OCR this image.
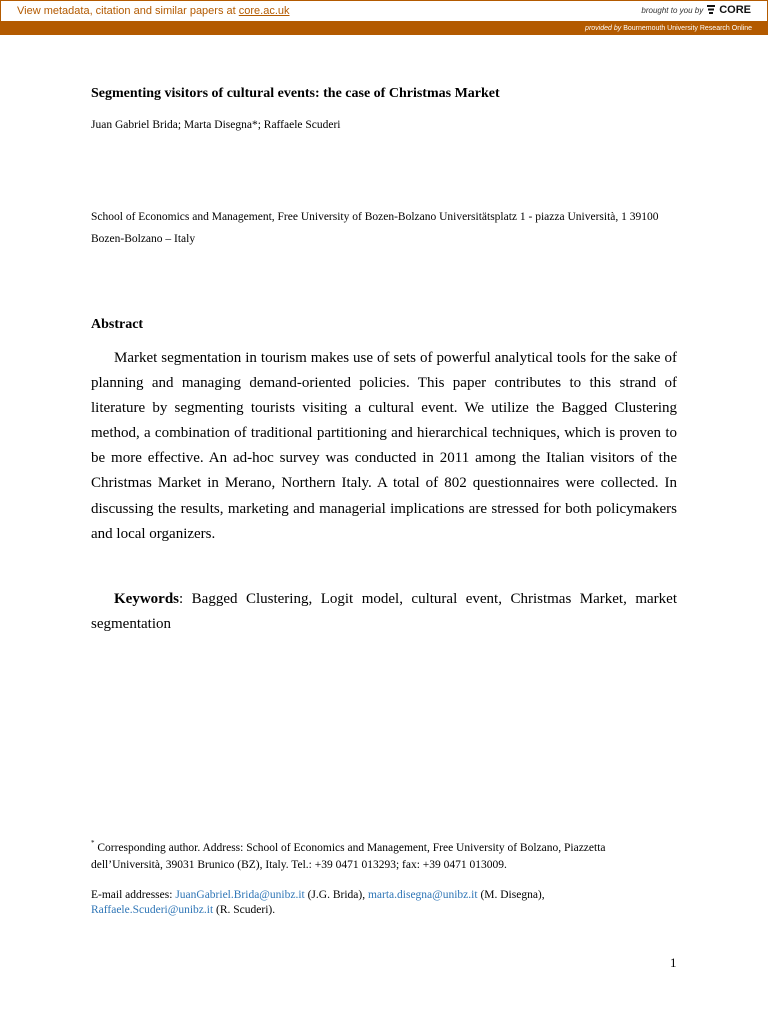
View metadata, citation and similar papers at core.ac.uk	brought to you by CORE
provided by Bournemouth University Research Online
Segmenting visitors of cultural events: the case of Christmas Market
Juan Gabriel Brida; Marta Disegna*; Raffaele Scuderi
School of Economics and Management, Free University of Bozen-Bolzano Universitätsplatz 1 - piazza Università, 1 39100 Bozen-Bolzano – Italy
Abstract

Market segmentation in tourism makes use of sets of powerful analytical tools for the sake of planning and managing demand-oriented policies. This paper contributes to this strand of literature by segmenting tourists visiting a cultural event. We utilize the Bagged Clustering method, a combination of traditional partitioning and hierarchical techniques, which is proven to be more effective. An ad-hoc survey was conducted in 2011 among the Italian visitors of the Christmas Market in Merano, Northern Italy. A total of 802 questionnaires were collected. In discussing the results, marketing and managerial implications are stressed for both policymakers and local organizers.

Keywords: Bagged Clustering, Logit model, cultural event, Christmas Market, market segmentation

* Corresponding author. Address: School of Economics and Management, Free University of Bolzano, Piazzetta dell’Università, 39031 Brunico (BZ), Italy. Tel.: +39 0471 013293; fax: +39 0471 013009.
E-mail addresses: JuanGabriel.Brida@unibz.it (J.G. Brida), marta.disegna@unibz.it (M. Disegna),
Raffaele.Scuderi@unibz.it (R. Scuderi).
1
